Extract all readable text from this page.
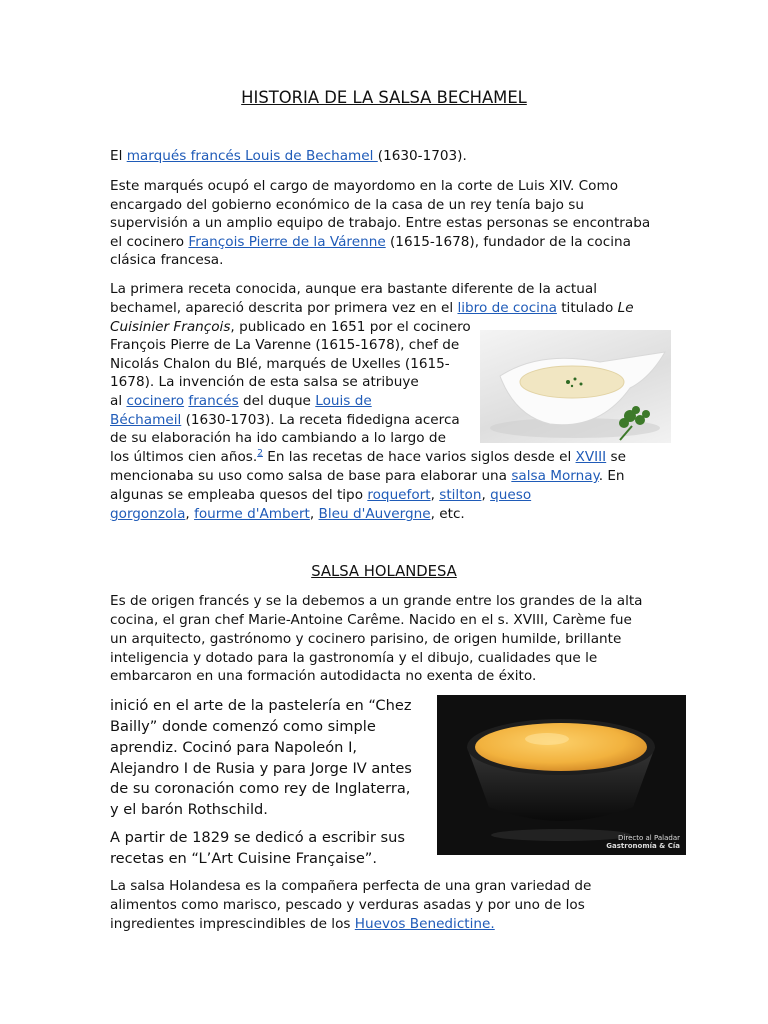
HISTORIA DE LA SALSA BECHAMEL
El marqués francés Louis de Bechamel (1630-1703).
Este marqués ocupó el cargo de mayordomo en la corte de Luis XIV. Como
encargado del gobierno económico de la casa de un rey tenía bajo su
supervisión a un amplio equipo de trabajo. Entre estas personas se encontraba
el cocinero François Pierre de la Várenne (1615-1678), fundador de la cocina
clásica francesa.
La primera receta conocida, aunque era bastante diferente de la actual
bechamel, apareció descrita por primera vez en el libro de cocina titulado Le
Cuisinier François, publicado en 1651 por el cocinero
François Pierre de La Varenne (1615-1678), chef de
Nicolás Chalon du Blé, marqués de Uxelles (1615-
1678). La invención de esta salsa se atribuye
al cocinero francés del duque Louis de
Béchameil (1630-1703). La receta fidedigna acerca
de su elaboración ha ido cambiando a lo largo de
los últimos cien años.$^2$ En las recetas de hace varios siglos desde el XVIII se
mencionaba su uso como salsa de base para elaborar una salsa Mornay. En
algunas se empleaba quesos del tipo roquefort, stilton, queso
gorgonzola, fourme d'Ambert, Bleu d'Auvergne, etc.
SALSA HOLANDESA
Es de origen francés y se la debemos a un grande entre los grandes de la alta
cocina, el gran chef Marie-Antoine Carême. Nacido en el s. XVIII, Carème fue
un arquitecto, gastrónomo y cocinero parisino, de origen humilde, brillante
inteligencia y dotado para la gastronomía y el dibujo, cualidades que le
embarcaron en una formación autodidacta no exenta de éxito.
inició en el arte de la pastelería en “Chez
Bailly” donde comenzó como simple
aprendiz. Cocinó para Napoleón I,
Alejandro I de Rusia y para Jorge IV antes
de su coronación como rey de Inglaterra,
y el barón Rothschild.
A partir de 1829 se dedicó a escribir sus
recetas en “L’Art Cuisine Française”.
Directo al Paladar
Gastronomía & Cía
La salsa Holandesa es la compañera perfecta de una gran variedad de
alimentos como marisco, pescado y verduras asadas y por uno de los
ingredientes imprescindibles de los Huevos Benedictine.
